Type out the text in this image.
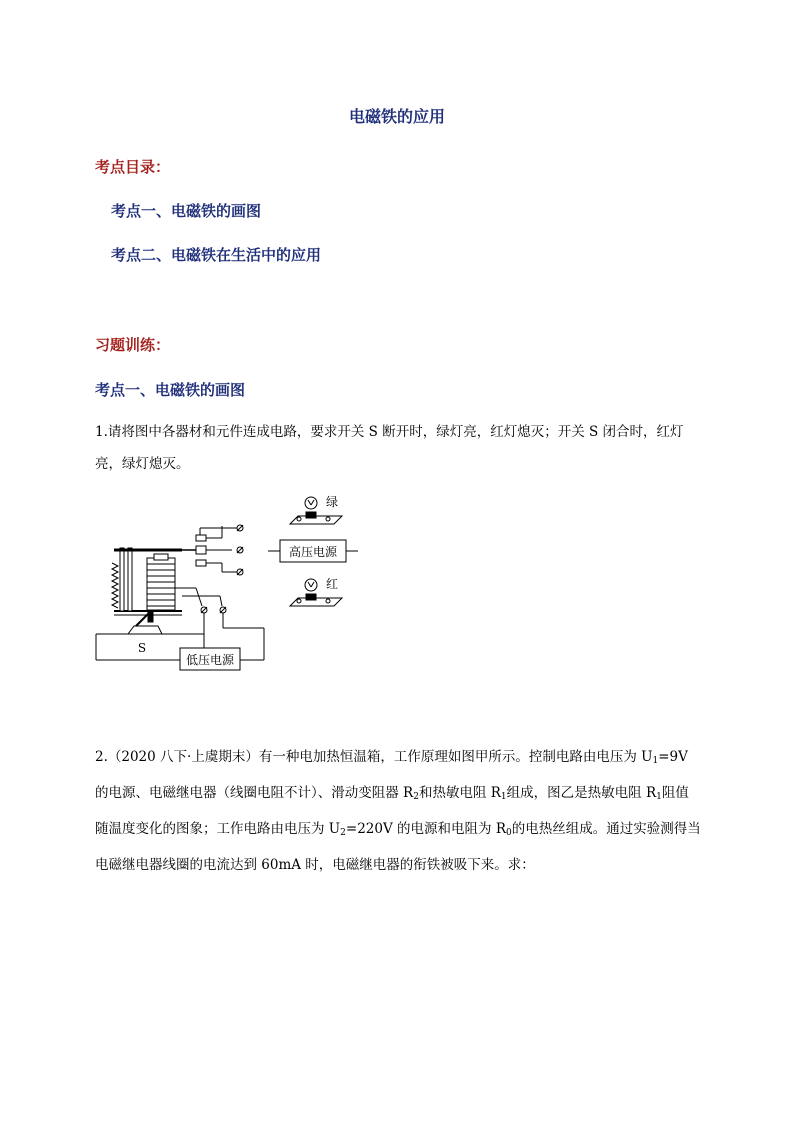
电磁铁的应用
考点目录：
考点一、电磁铁的画图
考点二、电磁铁在生活中的应用
习题训练：
考点一、电磁铁的画图
1.请将图中各器材和元件连成电路，要求开关 S 断开时，绿灯亮，红灯熄灭；开关 S 闭合时，红灯
亮，绿灯熄灭。
绿
红
高压电源
低压电源
S
2.（2020 八下·上虞期末）有一种电加热恒温箱，工作原理如图甲所示。控制电路由电压为 $U_1=9V$
的电源、电磁继电器（线圈电阻不计）、滑动变阻器 $R_2$和热敏电阻 $R_1$组成，图乙是热敏电阻 $R_1$阻值
随温度变化的图象；工作电路由电压为 $U_2=220V$ 的电源和电阻为 $R_0$的电热丝组成。通过实验测得当
电磁继电器线圈的电流达到 60mA 时，电磁继电器的衔铁被吸下来。求：
